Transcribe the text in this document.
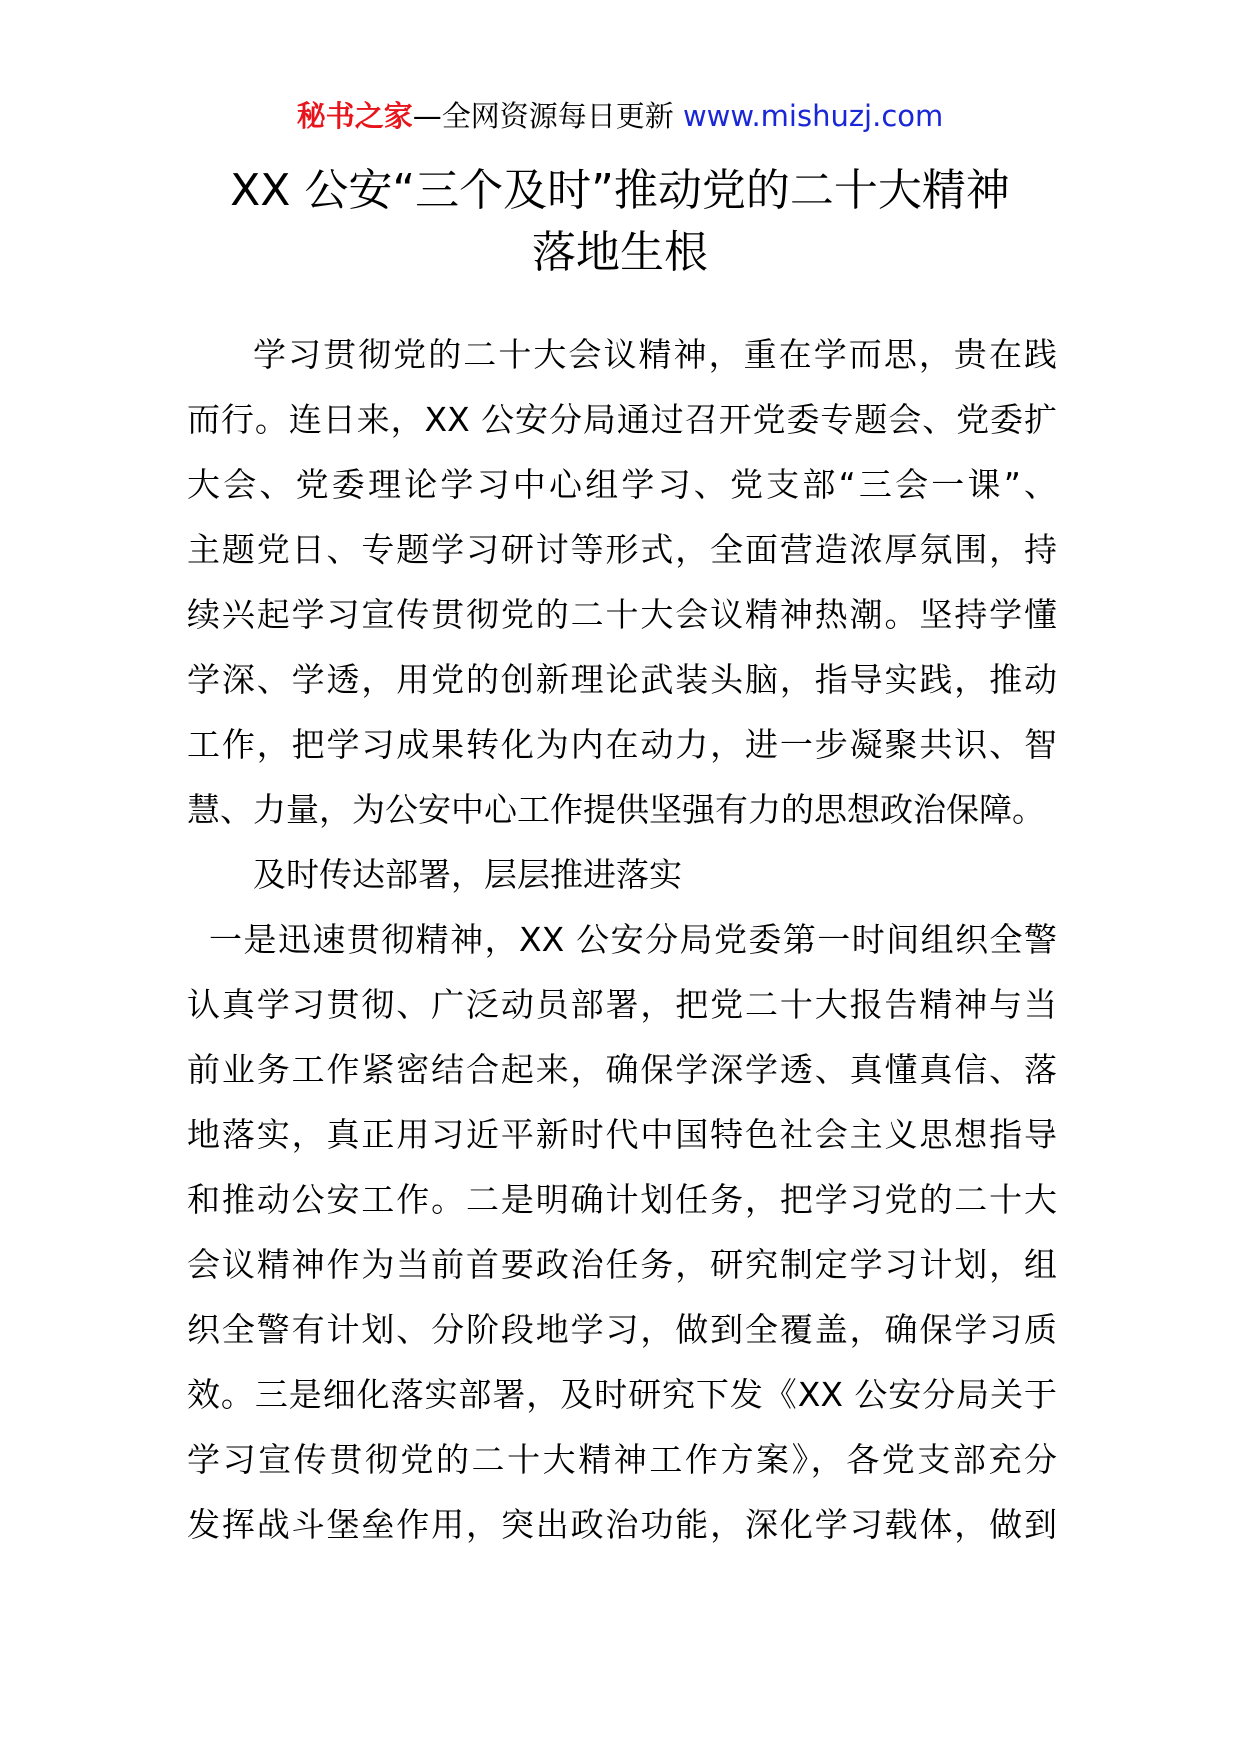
秘书之家—全网资源每日更新 www.mishuzj.com
XX 公安“三个及时”推动党的二十大精神
落地生根
学习贯彻党的二十大会议精神，重在学而思，贵在践
而行。连日来，XX 公安分局通过召开党委专题会、党委扩
大会、党委理论学习中心组学习、党支部“三会一课”、
主题党日、专题学习研讨等形式，全面营造浓厚氛围，持
续兴起学习宣传贯彻党的二十大会议精神热潮。坚持学懂
学深、学透，用党的创新理论武装头脑，指导实践，推动
工作，把学习成果转化为内在动力，进一步凝聚共识、智
慧、力量，为公安中心工作提供坚强有力的思想政治保障。
及时传达部署，层层推进落实
一是迅速贯彻精神，XX 公安分局党委第一时间组织全警
认真学习贯彻、广泛动员部署，把党二十大报告精神与当
前业务工作紧密结合起来，确保学深学透、真懂真信、落
地落实，真正用习近平新时代中国特色社会主义思想指导
和推动公安工作。二是明确计划任务，把学习党的二十大
会议精神作为当前首要政治任务，研究制定学习计划，组
织全警有计划、分阶段地学习，做到全覆盖，确保学习质
效。三是细化落实部署，及时研究下发《XX 公安分局关于
学习宣传贯彻党的二十大精神工作方案》，各党支部充分
发挥战斗堡垒作用，突出政治功能，深化学习载体，做到
